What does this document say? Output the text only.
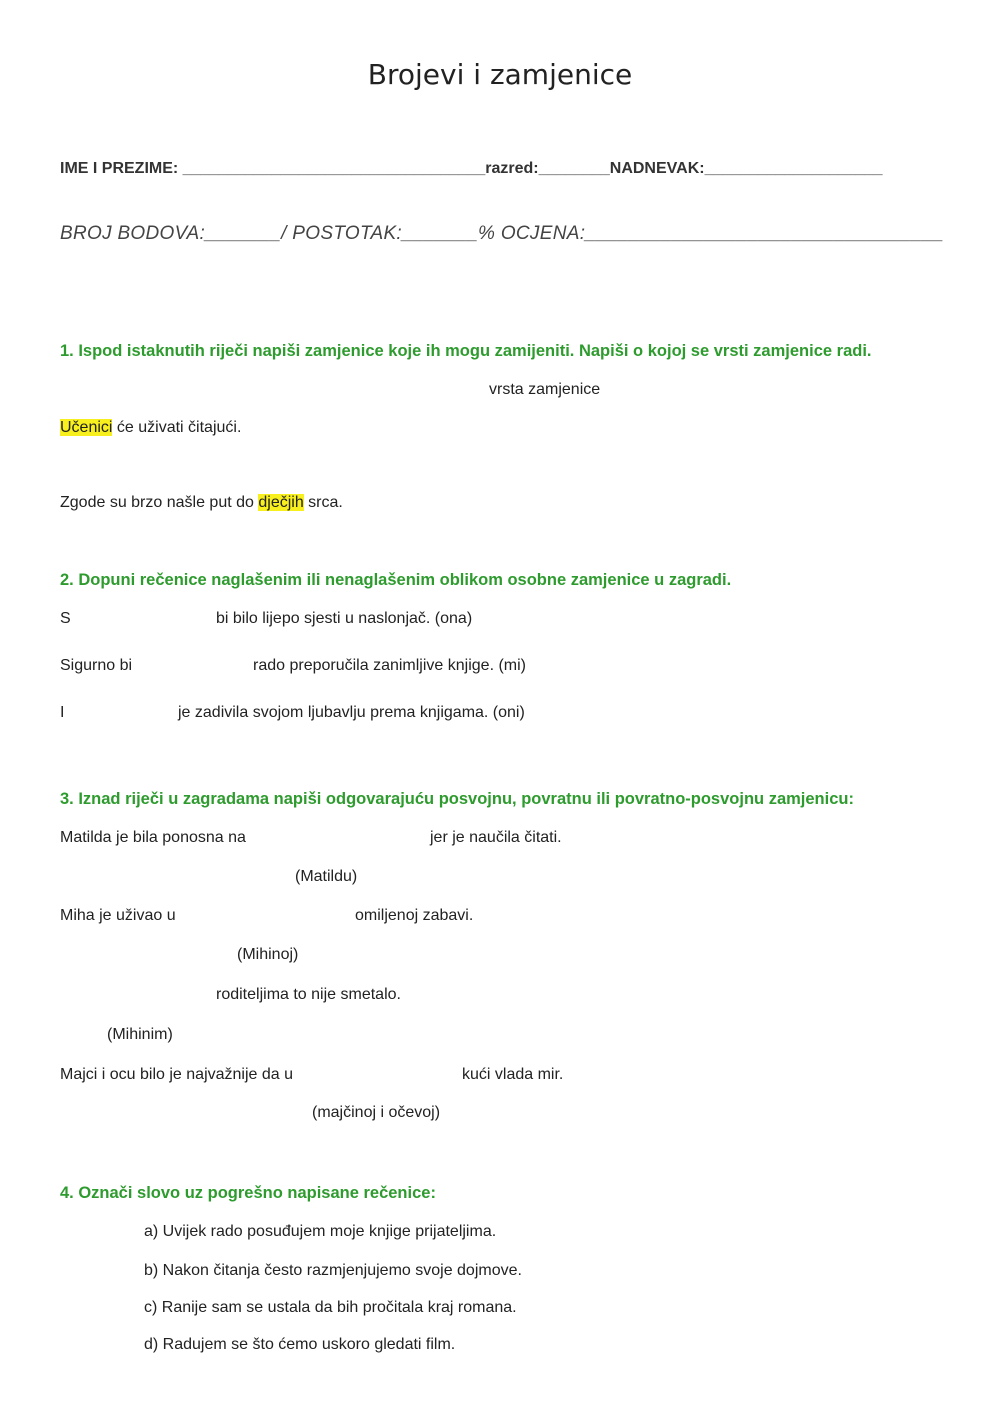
Brojevi i zamjenice
IME I PREZIME: __________________________________razred:________NADNEVAK:____________________
BROJ BODOVA:_______/ POSTOTAK:_______% OCJENA:_________________________________
1. Ispod istaknutih riječi napiši zamjenice koje ih mogu zamijeniti. Napiši o kojoj se vrsti zamjenice radi.
vrsta zamjenice
Učenici će uživati čitajući.
Zgode su brzo našle put do dječjih srca.
2. Dopuni rečenice naglašenim ili nenaglašenim oblikom osobne zamjenice u zagradi.
S	bi bilo lijepo sjesti u naslonjač. (ona)
Sigurno bi	rado preporučila zanimljive knjige. (mi)
I	je zadivila svojom ljubavlju prema knjigama. (oni)
3. Iznad riječi u zagradama napiši odgovarajuću posvojnu, povratnu ili povratno-posvojnu zamjenicu:
Matilda je bila ponosna na	jer je naučila čitati.
(Matildu)
Miha je uživao u	omiljenoj zabavi.
(Mihinoj)
roditeljima to nije smetalo.
(Mihinim)
Majci i ocu bilo je najvažnije da u	kući vlada mir.
(majčinoj i očevoj)
4. Označi slovo uz pogrešno napisane rečenice:
a) Uvijek rado posuđujem moje knjige prijateljima.
b) Nakon čitanja često razmjenjujemo svoje dojmove.
c) Ranije sam se ustala da bih pročitala kraj romana.
d) Radujem se što ćemo uskoro gledati film.
